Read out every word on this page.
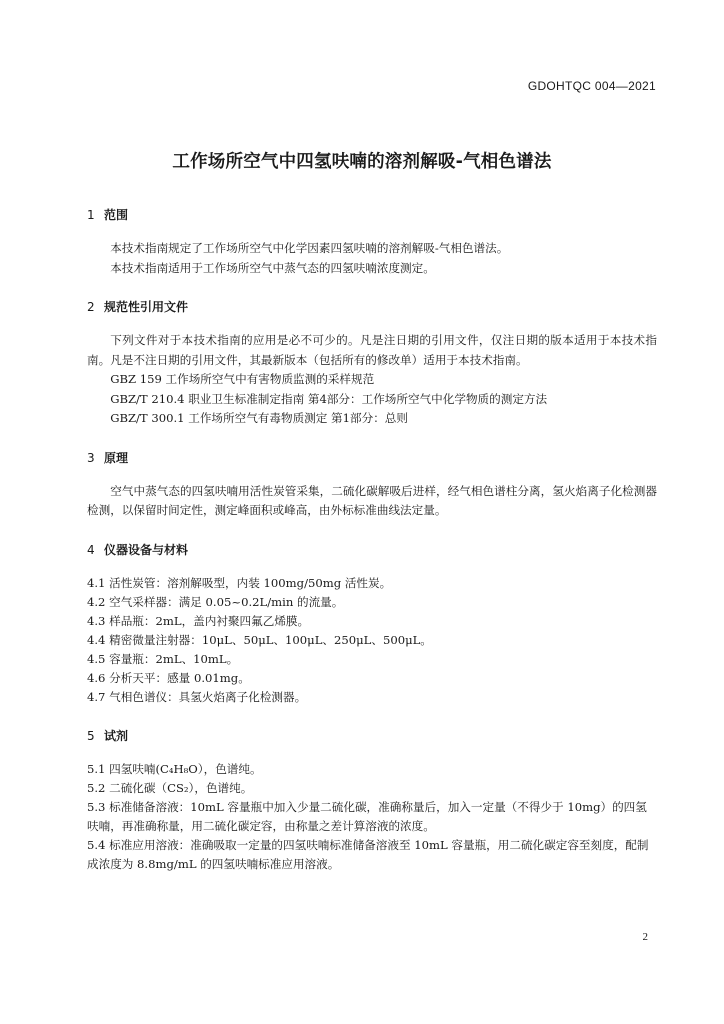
GDOHTQC 004—2021
工作场所空气中四氢呋喃的溶剂解吸-气相色谱法
1 范围

本技术指南规定了工作场所空气中化学因素四氢呋喃的溶剂解吸-气相色谱法。

本技术指南适用于工作场所空气中蒸气态的四氢呋喃浓度测定。

2 规范性引用文件

下列文件对于本技术指南的应用是必不可少的。凡是注日期的引用文件，仅注日期的版本适用于本技术指南。凡是不注日期的引用文件，其最新版本（包括所有的修改单）适用于本技术指南。

GBZ 159 工作场所空气中有害物质监测的采样规范

GBZ/T 210.4 职业卫生标准制定指南 第4部分：工作场所空气中化学物质的测定方法

GBZ/T 300.1 工作场所空气有毒物质测定 第1部分：总则

3 原理

空气中蒸气态的四氢呋喃用活性炭管采集，二硫化碳解吸后进样，经气相色谱柱分离，氢火焰离子化检测器检测，以保留时间定性，测定峰面积或峰高，由外标标准曲线法定量。

4 仪器设备与材料

4.1 活性炭管：溶剂解吸型，内装 100mg/50mg 活性炭。

4.2 空气采样器：满足 0.05~0.2L/min 的流量。

4.3 样品瓶：2mL，盖内衬聚四氟乙烯膜。

4.4 精密微量注射器：10μL、50μL、100μL、250μL、500μL。

4.5 容量瓶：2mL、10mL。

4.6 分析天平：感量 0.01mg。

4.7 气相色谱仪：具氢火焰离子化检测器。

5 试剂

5.1 四氢呋喃(C₄H₈O），色谱纯。

5.2 二硫化碳（CS₂），色谱纯。

5.3 标准储备溶液：10mL 容量瓶中加入少量二硫化碳，准确称量后，加入一定量（不得少于 10mg）的四氢呋喃，再准确称量，用二硫化碳定容，由称量之差计算溶液的浓度。

5.4 标准应用溶液：准确吸取一定量的四氢呋喃标准储备溶液至 10mL 容量瓶，用二硫化碳定容至刻度，配制成浓度为 8.8mg/mL 的四氢呋喃标准应用溶液。

2
